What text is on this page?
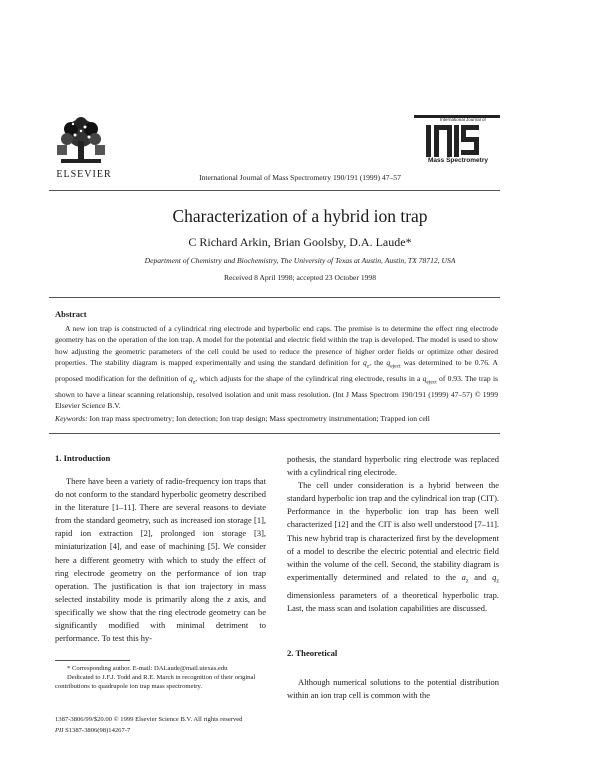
ELSEVIER	International Journal of Mass Spectrometry 190/191 (1999) 47–57
International Journal of
Mass Spectrometry
Characterization of a hybrid ion trap
C Richard Arkin, Brian Goolsby, D.A. Laude*
Department of Chemistry and Biochemistry, The University of Texas at Austin, Austin, TX 78712, USA
Received 8 April 1998; accepted 23 October 1998
Abstract
A new ion trap is constructed of a cylindrical ring electrode and hyperbolic end caps. The premise is to determine the effect ring electrode geometry has on the operation of the ion trap. A model for the potential and electric field within the trap is developed. The model is used to show how adjusting the geometric parameters of the cell could be used to reduce the presence of higher order fields or optimize other desired properties. The stability diagram is mapped experimentally and using the standard definition for $q_z$, the $q_{eject}$ was determined to be 0.76. A proposed modification for the definition of $q_z$, which adjusts for the shape of the cylindrical ring electrode, results in a $q_{eject}$ of 0.93. The trap is shown to have a linear scanning relationship, resolved isolation and unit mass resolution. (Int J Mass Spectrom 190/191 (1999) 47–57) © 1999 Elsevier Science B.V.
Keywords: Ion trap mass spectrometry; Ion detection; Ion trap design; Mass spectrometry instrumentation; Trapped ion cell

1. Introduction

There have been a variety of radio-frequency ion traps that do not conform to the standard hyperbolic geometry described in the literature [1–11]. There are several reasons to deviate from the standard geometry, such as increased ion storage [1], rapid ion extraction [2], prolonged ion storage [3], miniaturization [4], and ease of machining [5]. We consider here a different geometry with which to study the effect of ring electrode geometry on the performance of ion trap operation. The justification is that ion trajectory in mass selected instability mode is primarily along the z axis, and specifically we show that the ring electrode geometry can be significantly modified with minimal detriment to performance. To test this hy-

pothesis, the standard hyperbolic ring electrode was replaced with a cylindrical ring electrode.

The cell under consideration is a hybrid between the standard hyperbolic ion trap and the cylindrical ion trap (CIT). Performance in the hyperbolic ion trap has been well characterized [12] and the CIT is also well understood [7–11]. This new hybrid trap is characterized first by the development of a model to describe the electric potential and electric field within the volume of the cell. Second, the stability diagram is experimentally determined and related to the $a_z$ and $q_z$ dimensionless parameters of a theoretical hyperbolic trap. Last, the mass scan and isolation capabilities are discussed.

2. Theoretical

Although numerical solutions to the potential distribution within an ion trap cell is common with the

* Corresponding author. E-mail: DALaude@mail.utexas.edu
Dedicated to J.F.J. Todd and R.E. March in recognition of their original contributions to quadrupole ion trap mass spectrometry.
1387-3806/99/$20.00 © 1999 Elsevier Science B.V. All rights reserved
PII S1387-3806(98)14267-7
